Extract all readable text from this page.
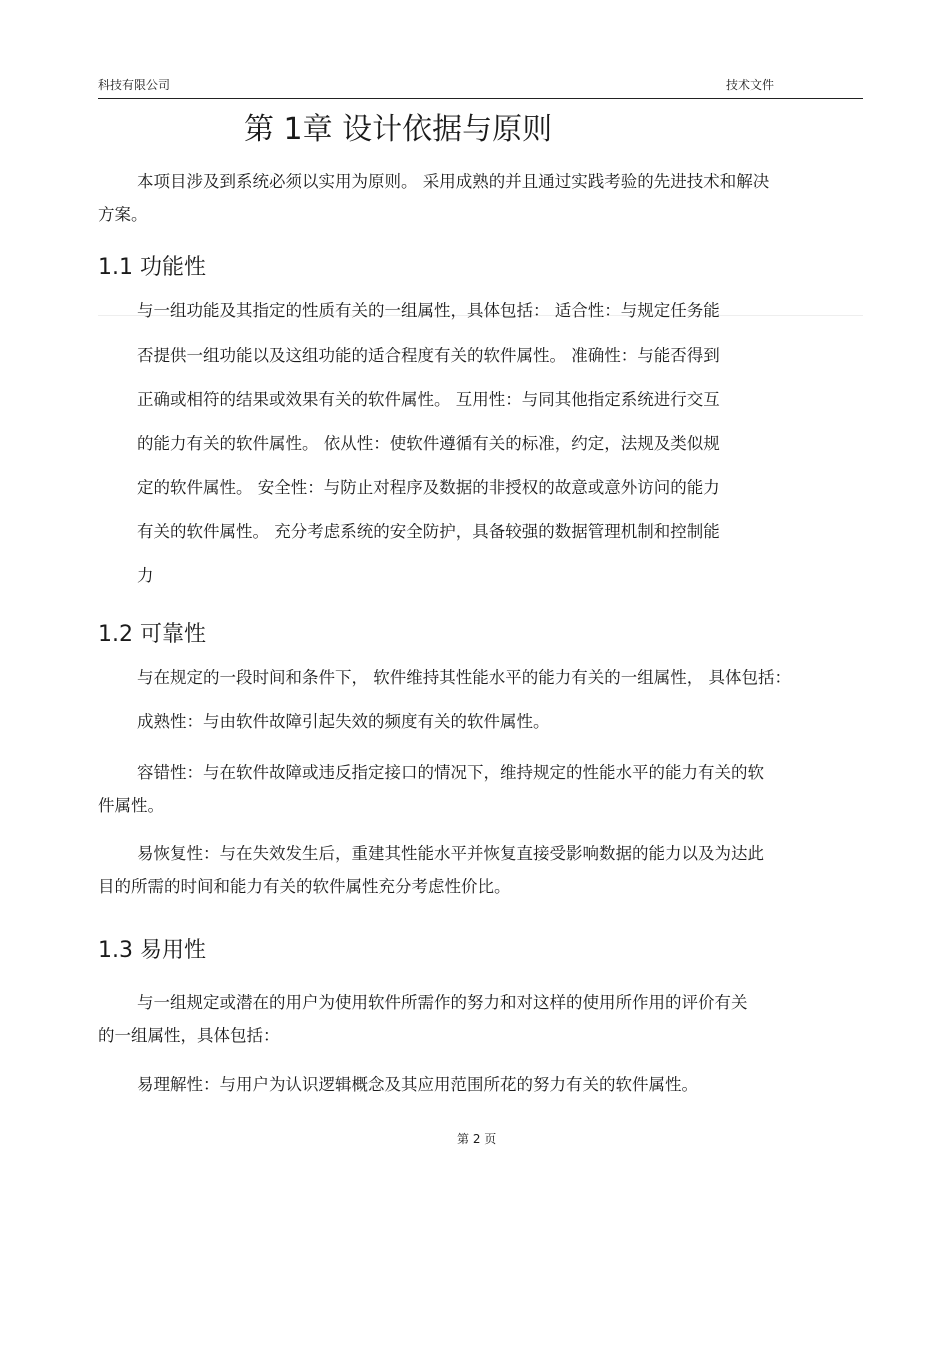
科技有限公司	技术文件
第 1章 设计依据与原则
本项目涉及到系统必须以实用为原则。 采用成熟的并且通过实践考验的先进技术和解决
方案。
1.1 功能性
与一组功能及其指定的性质有关的一组属性，具体包括： 适合性：与规定任务能
否提供一组功能以及这组功能的适合程度有关的软件属性。 准确性：与能否得到
正确或相符的结果或效果有关的软件属性。 互用性：与同其他指定系统进行交互
的能力有关的软件属性。 依从性：使软件遵循有关的标准，约定，法规及类似规
定的软件属性。 安全性：与防止对程序及数据的非授权的故意或意外访问的能力
有关的软件属性。 充分考虑系统的安全防护，具备较强的数据管理机制和控制能
力
1.2 可靠性
与在规定的一段时间和条件下， 软件维持其性能水平的能力有关的一组属性， 具体包括：
成熟性：与由软件故障引起失效的频度有关的软件属性。
容错性：与在软件故障或违反指定接口的情况下，维持规定的性能水平的能力有关的软
件属性。
易恢复性：与在失效发生后，重建其性能水平并恢复直接受影响数据的能力以及为达此
目的所需的时间和能力有关的软件属性充分考虑性价比。
1.3 易用性
与一组规定或潜在的用户为使用软件所需作的努力和对这样的使用所作用的评价有关
的一组属性，具体包括：
易理解性：与用户为认识逻辑概念及其应用范围所花的努力有关的软件属性。
第 2 页
